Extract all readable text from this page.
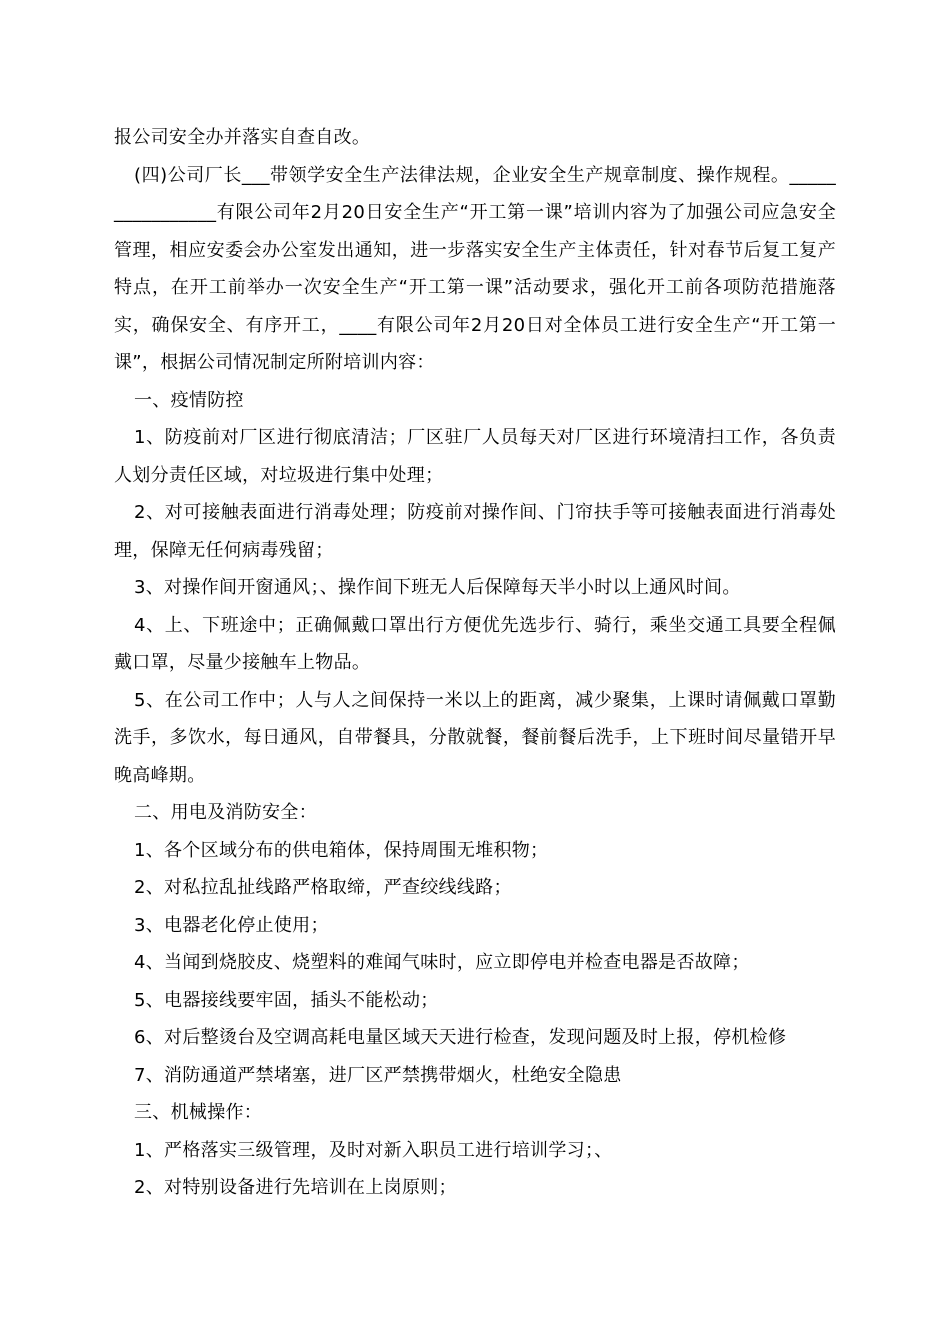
报公司安全办并落实自查自改。

(四)公司厂长___带领学安全生产法律法规，企业安全生产规章制度、操作规程。________________有限公司年2月20日安全生产“开工第一课”培训内容为了加强公司应急安全管理，相应安委会办公室发出通知，进一步落实安全生产主体责任，针对春节后复工复产特点，在开工前举办一次安全生产“开工第一课”活动要求，强化开工前各项防范措施落实，确保安全、有序开工，____有限公司年2月20日对全体员工进行安全生产“开工第一课”，根据公司情况制定所附培训内容：

一、疫情防控

1、防疫前对厂区进行彻底清洁；厂区驻厂人员每天对厂区进行环境清扫工作，各负责人划分责任区域，对垃圾进行集中处理；

2、对可接触表面进行消毒处理；防疫前对操作间、门帘扶手等可接触表面进行消毒处理，保障无任何病毒残留；

3、对操作间开窗通风；、操作间下班无人后保障每天半小时以上通风时间。

4、上、下班途中；正确佩戴口罩出行方便优先选步行、骑行，乘坐交通工具要全程佩戴口罩，尽量少接触车上物品。

5、在公司工作中；人与人之间保持一米以上的距离，减少聚集，上课时请佩戴口罩勤洗手，多饮水，每日通风，自带餐具，分散就餐，餐前餐后洗手，上下班时间尽量错开早晚高峰期。

二、用电及消防安全：

1、各个区域分布的供电箱体，保持周围无堆积物；

2、对私拉乱扯线路严格取缔，严查绞线线路；

3、电器老化停止使用；

4、当闻到烧胶皮、烧塑料的难闻气味时，应立即停电并检查电器是否故障；

5、电器接线要牢固，插头不能松动；

6、对后整烫台及空调高耗电量区域天天进行检查，发现问题及时上报，停机检修

7、消防通道严禁堵塞，进厂区严禁携带烟火，杜绝安全隐患

三、机械操作：

1、严格落实三级管理，及时对新入职员工进行培训学习；、

2、对特别设备进行先培训在上岗原则；
